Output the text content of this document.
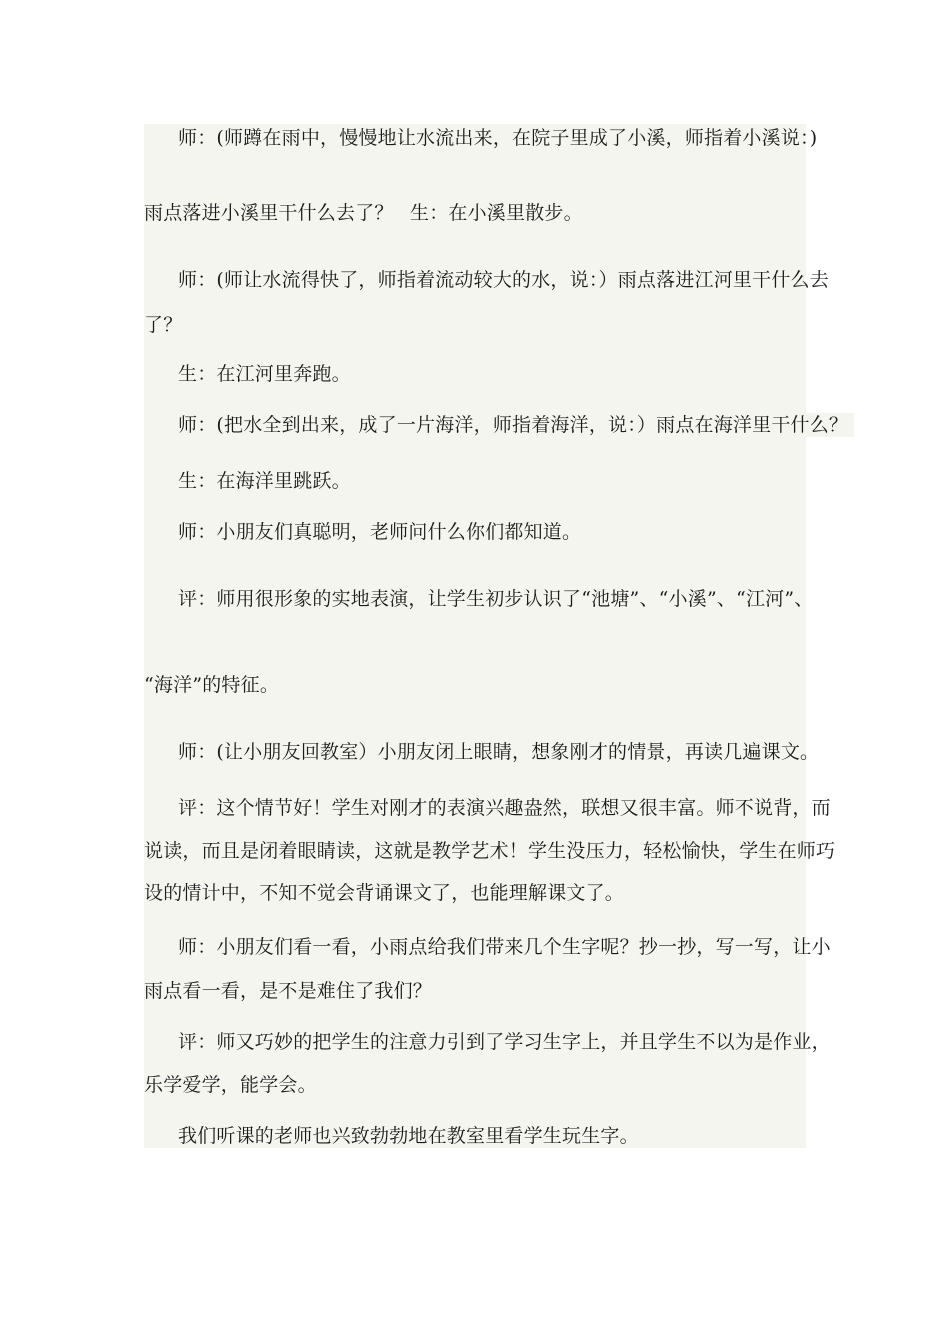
师：(师蹲在雨中，慢慢地让水流出来，在院子里成了小溪，师指着小溪说：)
雨点落进小溪里干什么去了？ 生：在小溪里散步。
师：(师让水流得快了，师指着流动较大的水，说：）雨点落进江河里干什么去
了？
生：在江河里奔跑。
师：(把水全到出来，成了一片海洋，师指着海洋，说：）雨点在海洋里干什么？
生：在海洋里跳跃。
师：小朋友们真聪明，老师问什么你们都知道。
评：师用很形象的实地表演，让学生初步认识了“池塘”、“小溪”、“江河”、
“海洋”的特征。
师：(让小朋友回教室）小朋友闭上眼睛，想象刚才的情景，再读几遍课文。
评：这个情节好！学生对刚才的表演兴趣盎然，联想又很丰富。师不说背，而
说读，而且是闭着眼睛读，这就是教学艺术！学生没压力，轻松愉快，学生在师巧
设的情计中，不知不觉会背诵课文了，也能理解课文了。
师：小朋友们看一看，小雨点给我们带来几个生字呢？抄一抄，写一写，让小
雨点看一看，是不是难住了我们？
评：师又巧妙的把学生的注意力引到了学习生字上，并且学生不以为是作业，
乐学爱学，能学会。
我们听课的老师也兴致勃勃地在教室里看学生玩生字。
